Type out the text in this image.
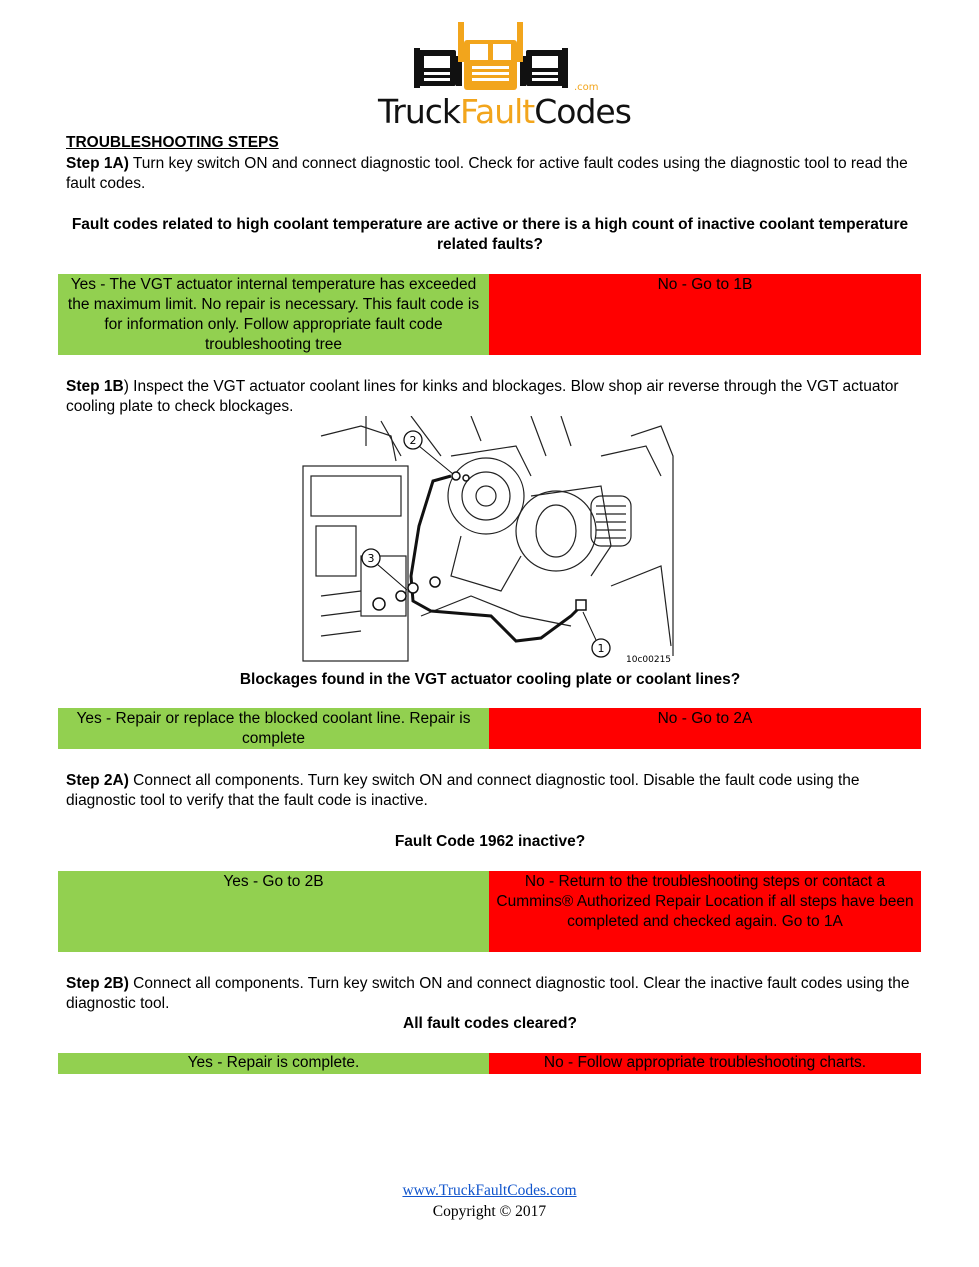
TruckFaultCodes
.com
TROUBLESHOOTING STEPS
Step 1A) Turn key switch ON and connect diagnostic tool. Check for active fault codes using the diagnostic tool to read the fault codes.
Fault codes related to high coolant temperature are active or there is a high count of inactive coolant temperature related faults?
Yes - The VGT actuator internal temperature has exceeded the maximum limit. No repair is necessary. This fault code is for information only. Follow appropriate fault code troubleshooting tree
No - Go to 1B
Step 1B) Inspect the VGT actuator coolant lines for kinks and blockages. Blow shop air reverse through the VGT actuator cooling plate to check blockages.
2
3
1
10c00215
Blockages found in the VGT actuator cooling plate or coolant lines?
Yes - Repair or replace the blocked coolant line. Repair is complete
No - Go to 2A
Step 2A) Connect all components. Turn key switch ON and connect diagnostic tool. Disable the fault code using the diagnostic tool to verify that the fault code is inactive.
Fault Code 1962 inactive?
Yes - Go to 2B	No - Return to the troubleshooting steps or contact a Cummins® Authorized Repair Location if all steps have been completed and checked again. Go to 1A
Step 2B) Connect all components. Turn key switch ON and connect diagnostic tool. Clear the inactive fault codes using the diagnostic tool.
All fault codes cleared?
Yes - Repair is complete.	No - Follow appropriate troubleshooting charts.
www.TruckFaultCodes.com
Copyright © 2017
